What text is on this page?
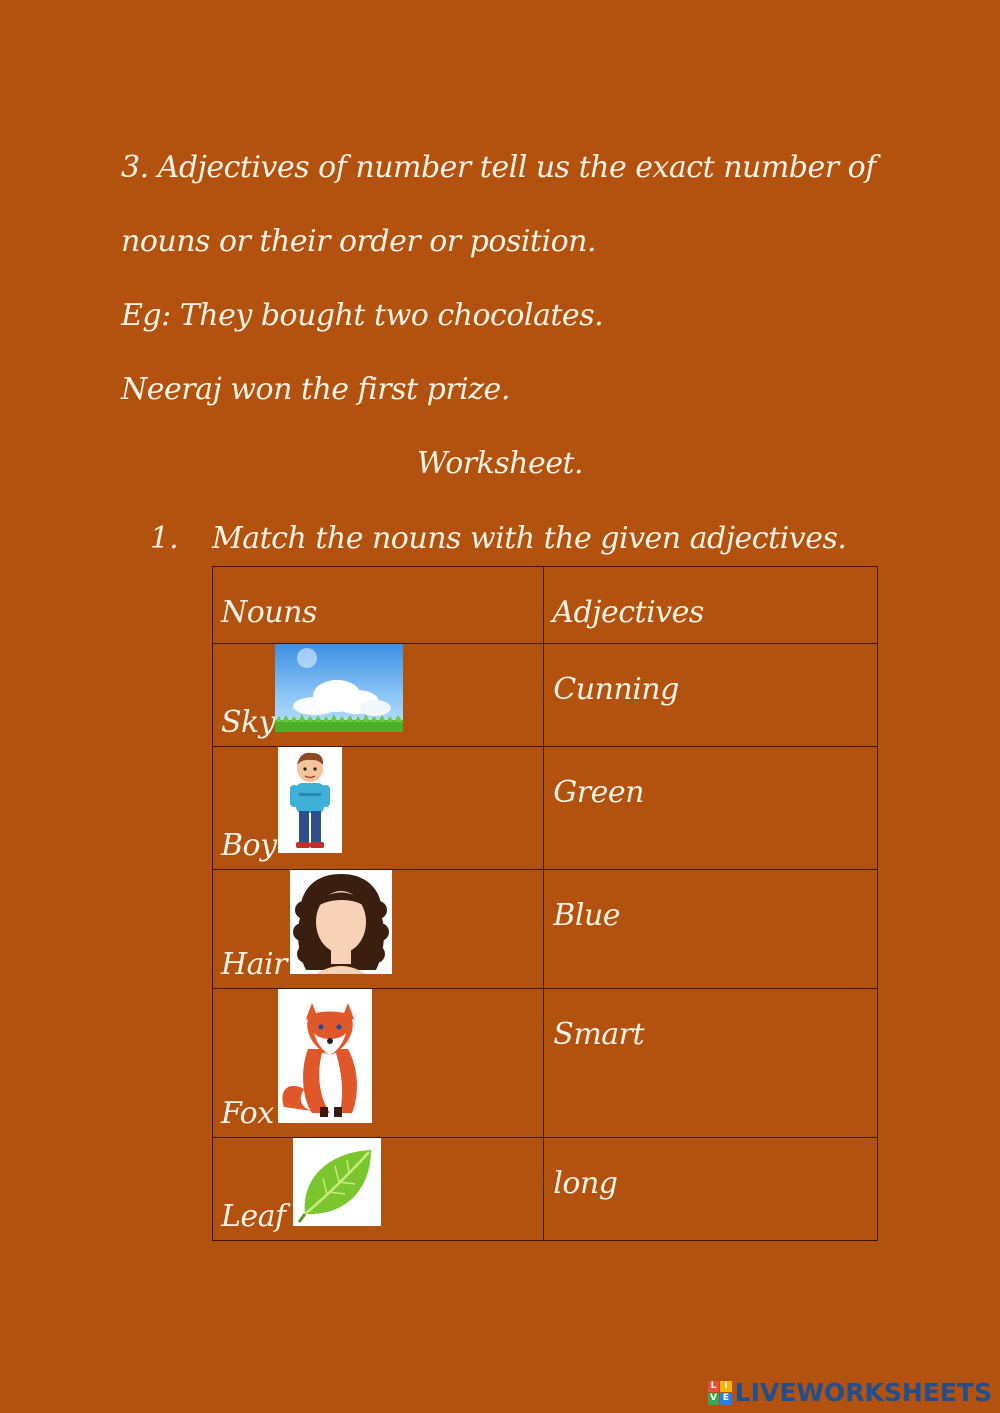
3. Adjectives of number tell us the exact number of
nouns or their order or position.
Eg: They bought two chocolates.
Neeraj won the first prize.
Worksheet.
1. Match the nouns with the given adjectives.
Nouns	Adjectives

Sky	Cunning

Boy	Green

Hair	Blue

Fox	Smart

Leaf	long
L I
V E LIVEWORKSHEETS
